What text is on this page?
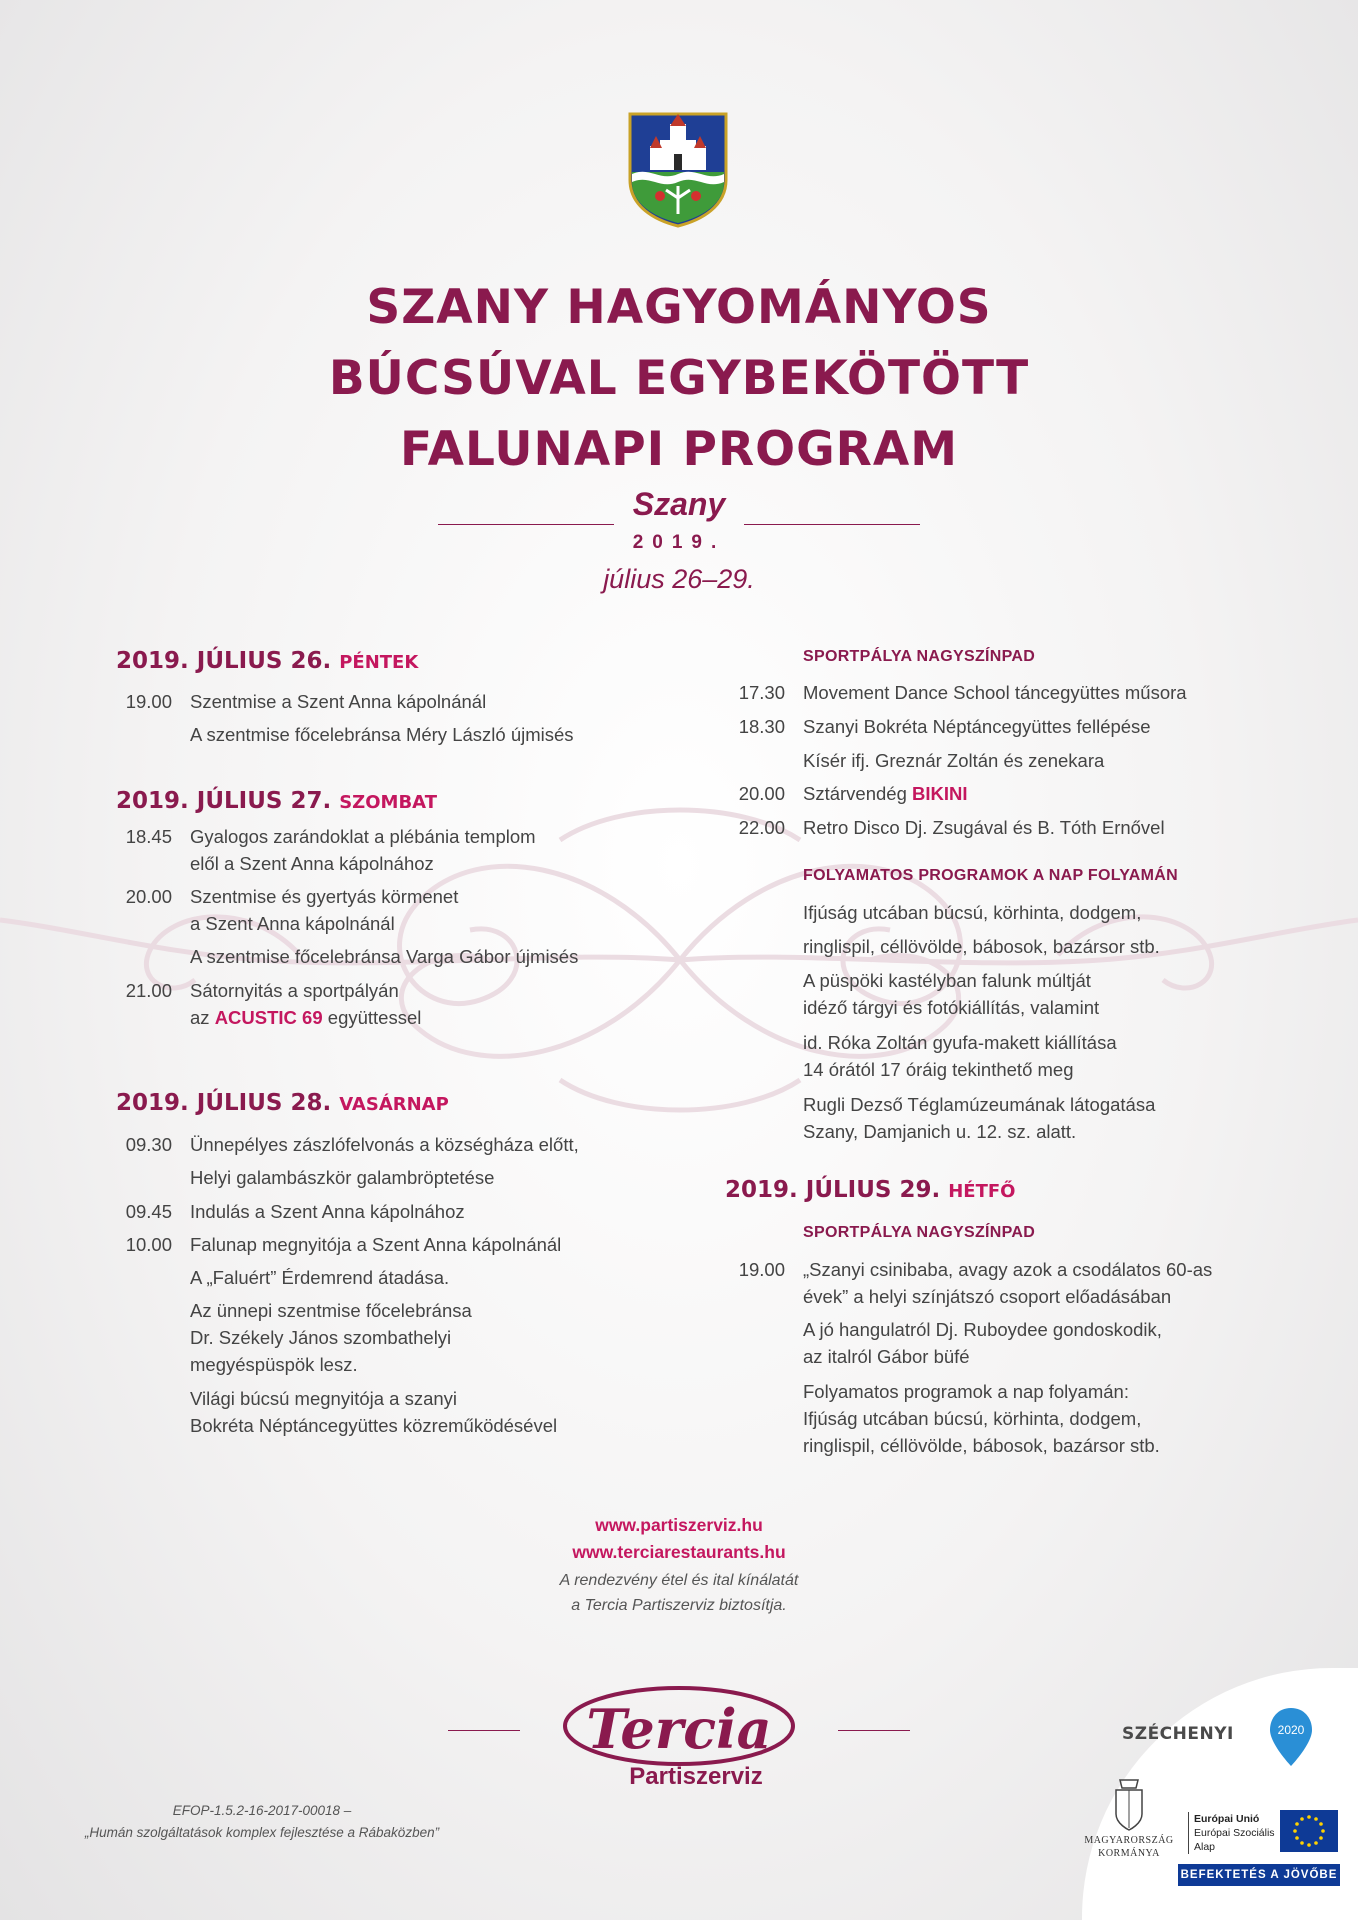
SZANY HAGYOMÁNYOS
BÚCSÚVAL EGYBEKÖTÖTT
FALUNAPI PROGRAM
Szany
2019.
július 26–29.
2019. JÚLIUS 26. PÉNTEK
19.00 Szentmise a Szent Anna kápolnánál
A szentmise főcelebránsa Méry László újmisés
2019. JÚLIUS 27. SZOMBAT
18.45 Gyalogos zarándoklat a plébánia templom
elől a Szent Anna kápolnához
20.00 Szentmise és gyertyás körmenet
a Szent Anna kápolnánál
A szentmise főcelebránsa Varga Gábor újmisés
21.00 Sátornyitás a sportpályán
az ACUSTIC 69 együttessel
2019. JÚLIUS 28. VASÁRNAP
09.30 Ünnepélyes zászlófelvonás a községháza előtt,
Helyi galambászkör galambröptetése
09.45 Indulás a Szent Anna kápolnához
10.00 Falunap megnyitója a Szent Anna kápolnánál
A „Faluért” Érdemrend átadása.
Az ünnepi szentmise főcelebránsa
Dr. Székely János szombathelyi
megyéspüspök lesz.
Világi búcsú megnyitója a szanyi
Bokréta Néptáncegyüttes közreműködésével
SPORTPÁLYA NAGYSZÍNPAD
17.30 Movement Dance School táncegyüttes műsora
18.30 Szanyi Bokréta Néptáncegyüttes fellépése
Kísér ifj. Greznár Zoltán és zenekara
20.00 Sztárvendég BIKINI
22.00 Retro Disco Dj. Zsugával és B. Tóth Ernővel
FOLYAMATOS PROGRAMOK A NAP FOLYAMÁN
Ifjúság utcában búcsú, körhinta, dodgem,
ringlispil, céllövölde, bábosok, bazársor stb.
A püspöki kastélyban falunk múltját
idéző tárgyi és fotókiállítás, valamint
id. Róka Zoltán gyufa-makett kiállítása
14 órától 17 óráig tekinthető meg
Rugli Dezső Téglamúzeumának látogatása
Szany, Damjanich u. 12. sz. alatt.
2019. JÚLIUS 29. HÉTFŐ
SPORTPÁLYA NAGYSZÍNPAD
19.00 „Szanyi csinibaba, avagy azok a csodálatos 60-as
évek” a helyi színjátszó csoport előadásában
A jó hangulatról Dj. Ruboydee gondoskodik,
az italról Gábor büfé
Folyamatos programok a nap folyamán:
Ifjúság utcában búcsú, körhinta, dodgem,
ringlispil, céllövölde, bábosok, bazársor stb.
www.partiszerviz.hu
www.terciarestaurants.hu
A rendezvény étel és ital kínálatát
a Tercia Partiszerviz biztosítja.
Tercia
Partiszerviz
EFOP-1.5.2-16-2017-00018 –
„Humán szolgáltatások komplex fejlesztése a Rábaközben”
SZÉCHENYI	2020
MAGYARORSZÁG
KORMÁNYA
Európai Unió
Európai Szociális
Alap
BEFEKTETÉS A JÖVŐBE
